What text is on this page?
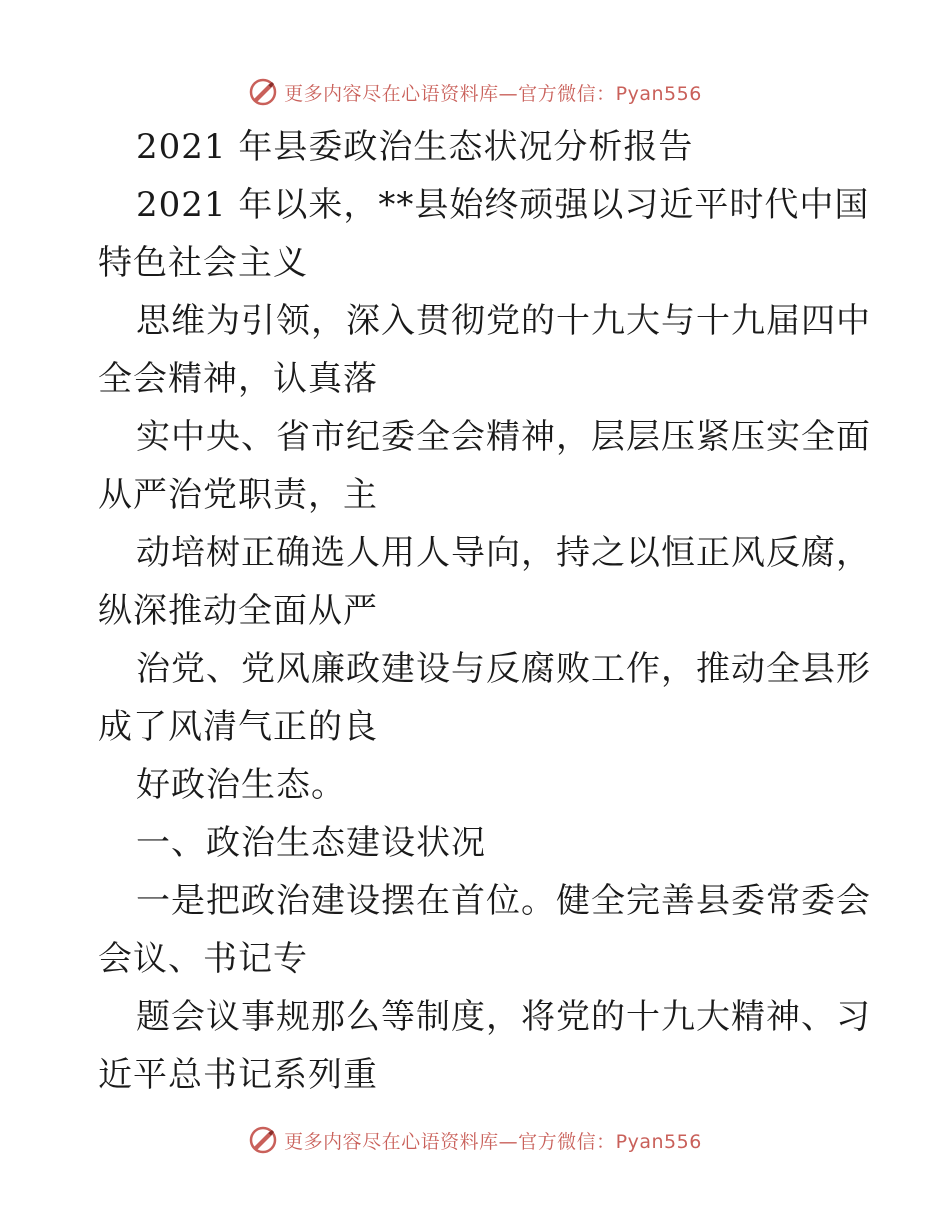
更多内容尽在心语资料库—官方微信：Pyan556
2021 年县委政治生态状况分析报告
2021 年以来，**县始终顽强以习近平时代中国
特色社会主义
思维为引领，深入贯彻党的十九大与十九届四中
全会精神，认真落
实中央、省市纪委全会精神，层层压紧压实全面
从严治党职责，主
动培树正确选人用人导向，持之以恒正风反腐，
纵深推动全面从严
治党、党风廉政建设与反腐败工作，推动全县形
成了风清气正的良
好政治生态。
一、政治生态建设状况
一是把政治建设摆在首位。健全完善县委常委会
会议、书记专
题会议事规那么等制度，将党的十九大精神、习
近平总书记系列重
更多内容尽在心语资料库—官方微信：Pyan556
